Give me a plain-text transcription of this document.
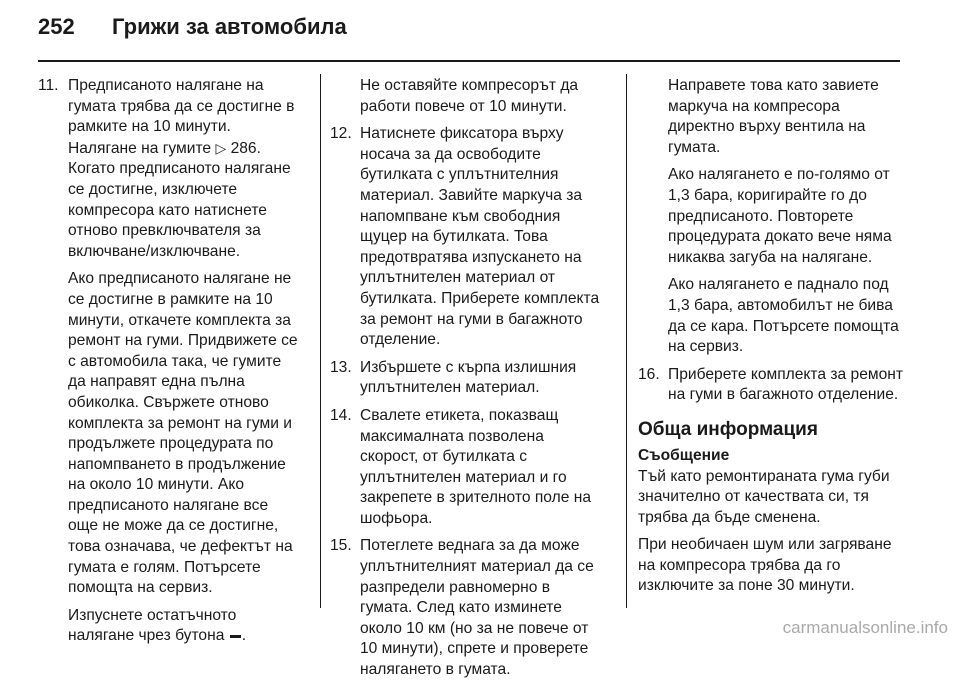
252	Грижи за автомобила
11. Предписаното налягане на гумата трябва да се достигне в рамките на 10 минути. Налягане на гумите ▷ 286. Когато предписаното налягане се достигне, изключете компресора като натиснете отново превключвателя за включване/изключване.
Ако предписаното налягане не се достигне в рамките на 10 минути, откачете комплекта за ремонт на гуми. Придвижете се с автомобила така, че гумите да направят една пълна обиколка. Свържете отново комплекта за ремонт на гуми и продължете процедурата по напомпването в продължение на около 10 минути. Ако предписаното налягане все още не може да се достигне, това означава, че дефектът на гумата е голям. Потърсете помощта на сервиз.
Изпуснете остатъчното налягане чрез бутона .
Не оставяйте компресорът да работи повече от 10 минути.
12. Натиснете фиксатора върху носача за да освободите бутилката с уплътнителния материал. Завийте маркуча за напомпване към свободния щуцер на бутилката. Това предотвратява изпускането на уплътнителен материал от бутилката. Приберете комплекта за ремонт на гуми в багажното отделение.
13. Избършете с кърпа излишния уплътнителен материал.
14. Свалете етикета, показващ максималната позволена скорост, от бутилката с уплътнителен материал и го закрепете в зрителното поле на шофьора.
15. Потеглете веднага за да може уплътнителният материал да се разпредели равномерно в гумата. След като изминете около 10 км (но за не повече от 10 минути), спрете и проверете налягането в гумата.
Направете това като завиете маркуча на компресора директно върху вентила на гумата.
Ако налягането е по-голямо от 1,3 бара, коригирайте го до предписаното. Повторете процедурата докато вече няма никаква загуба на налягане.
Ако налягането е паднало под 1,3 бара, автомобилът не бива да се кара. Потърсете помощта на сервиз.
16. Приберете комплекта за ремонт на гуми в багажното отделение.
Обща информация
Съобщение
Тъй като ремонтираната гума губи значително от качествата си, тя трябва да бъде сменена.
При необичаен шум или загряване на компресора трябва да го изключите за поне 30 минути.
carmanualsonline.info
